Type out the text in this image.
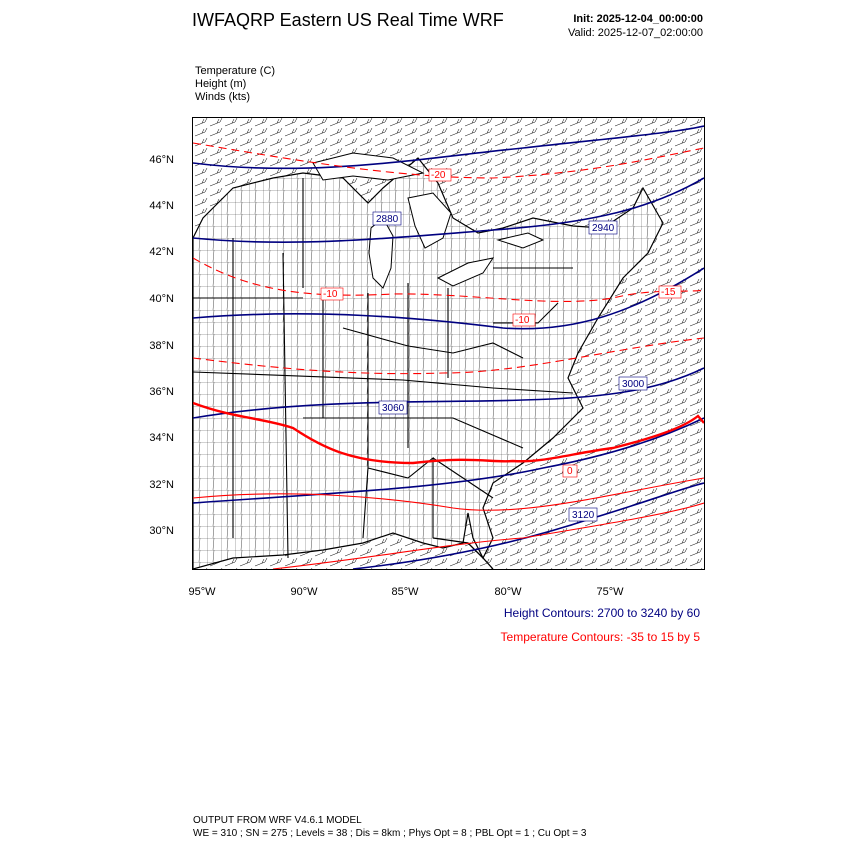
IWFAQRP Eastern US Real Time WRF	Init: 2025-12-04_00:00:00
Valid: 2025-12-07_02:00:00
Temperature (C)
Height (m)
Winds (kts)
2880
2940
3000
3060
3120
-20
-10
-10
-15
0
46°N
44°N
42°N
40°N
38°N
36°N
34°N
32°N
30°N
95°W	90°W	85°W	80°W	75°W
Height Contours: 2700 to 3240 by 60
Temperature Contours: -35 to 15 by 5
OUTPUT FROM WRF V4.6.1 MODEL
WE = 310 ; SN = 275 ; Levels = 38 ; Dis = 8km ; Phys Opt = 8 ; PBL Opt = 1 ; Cu Opt = 3
